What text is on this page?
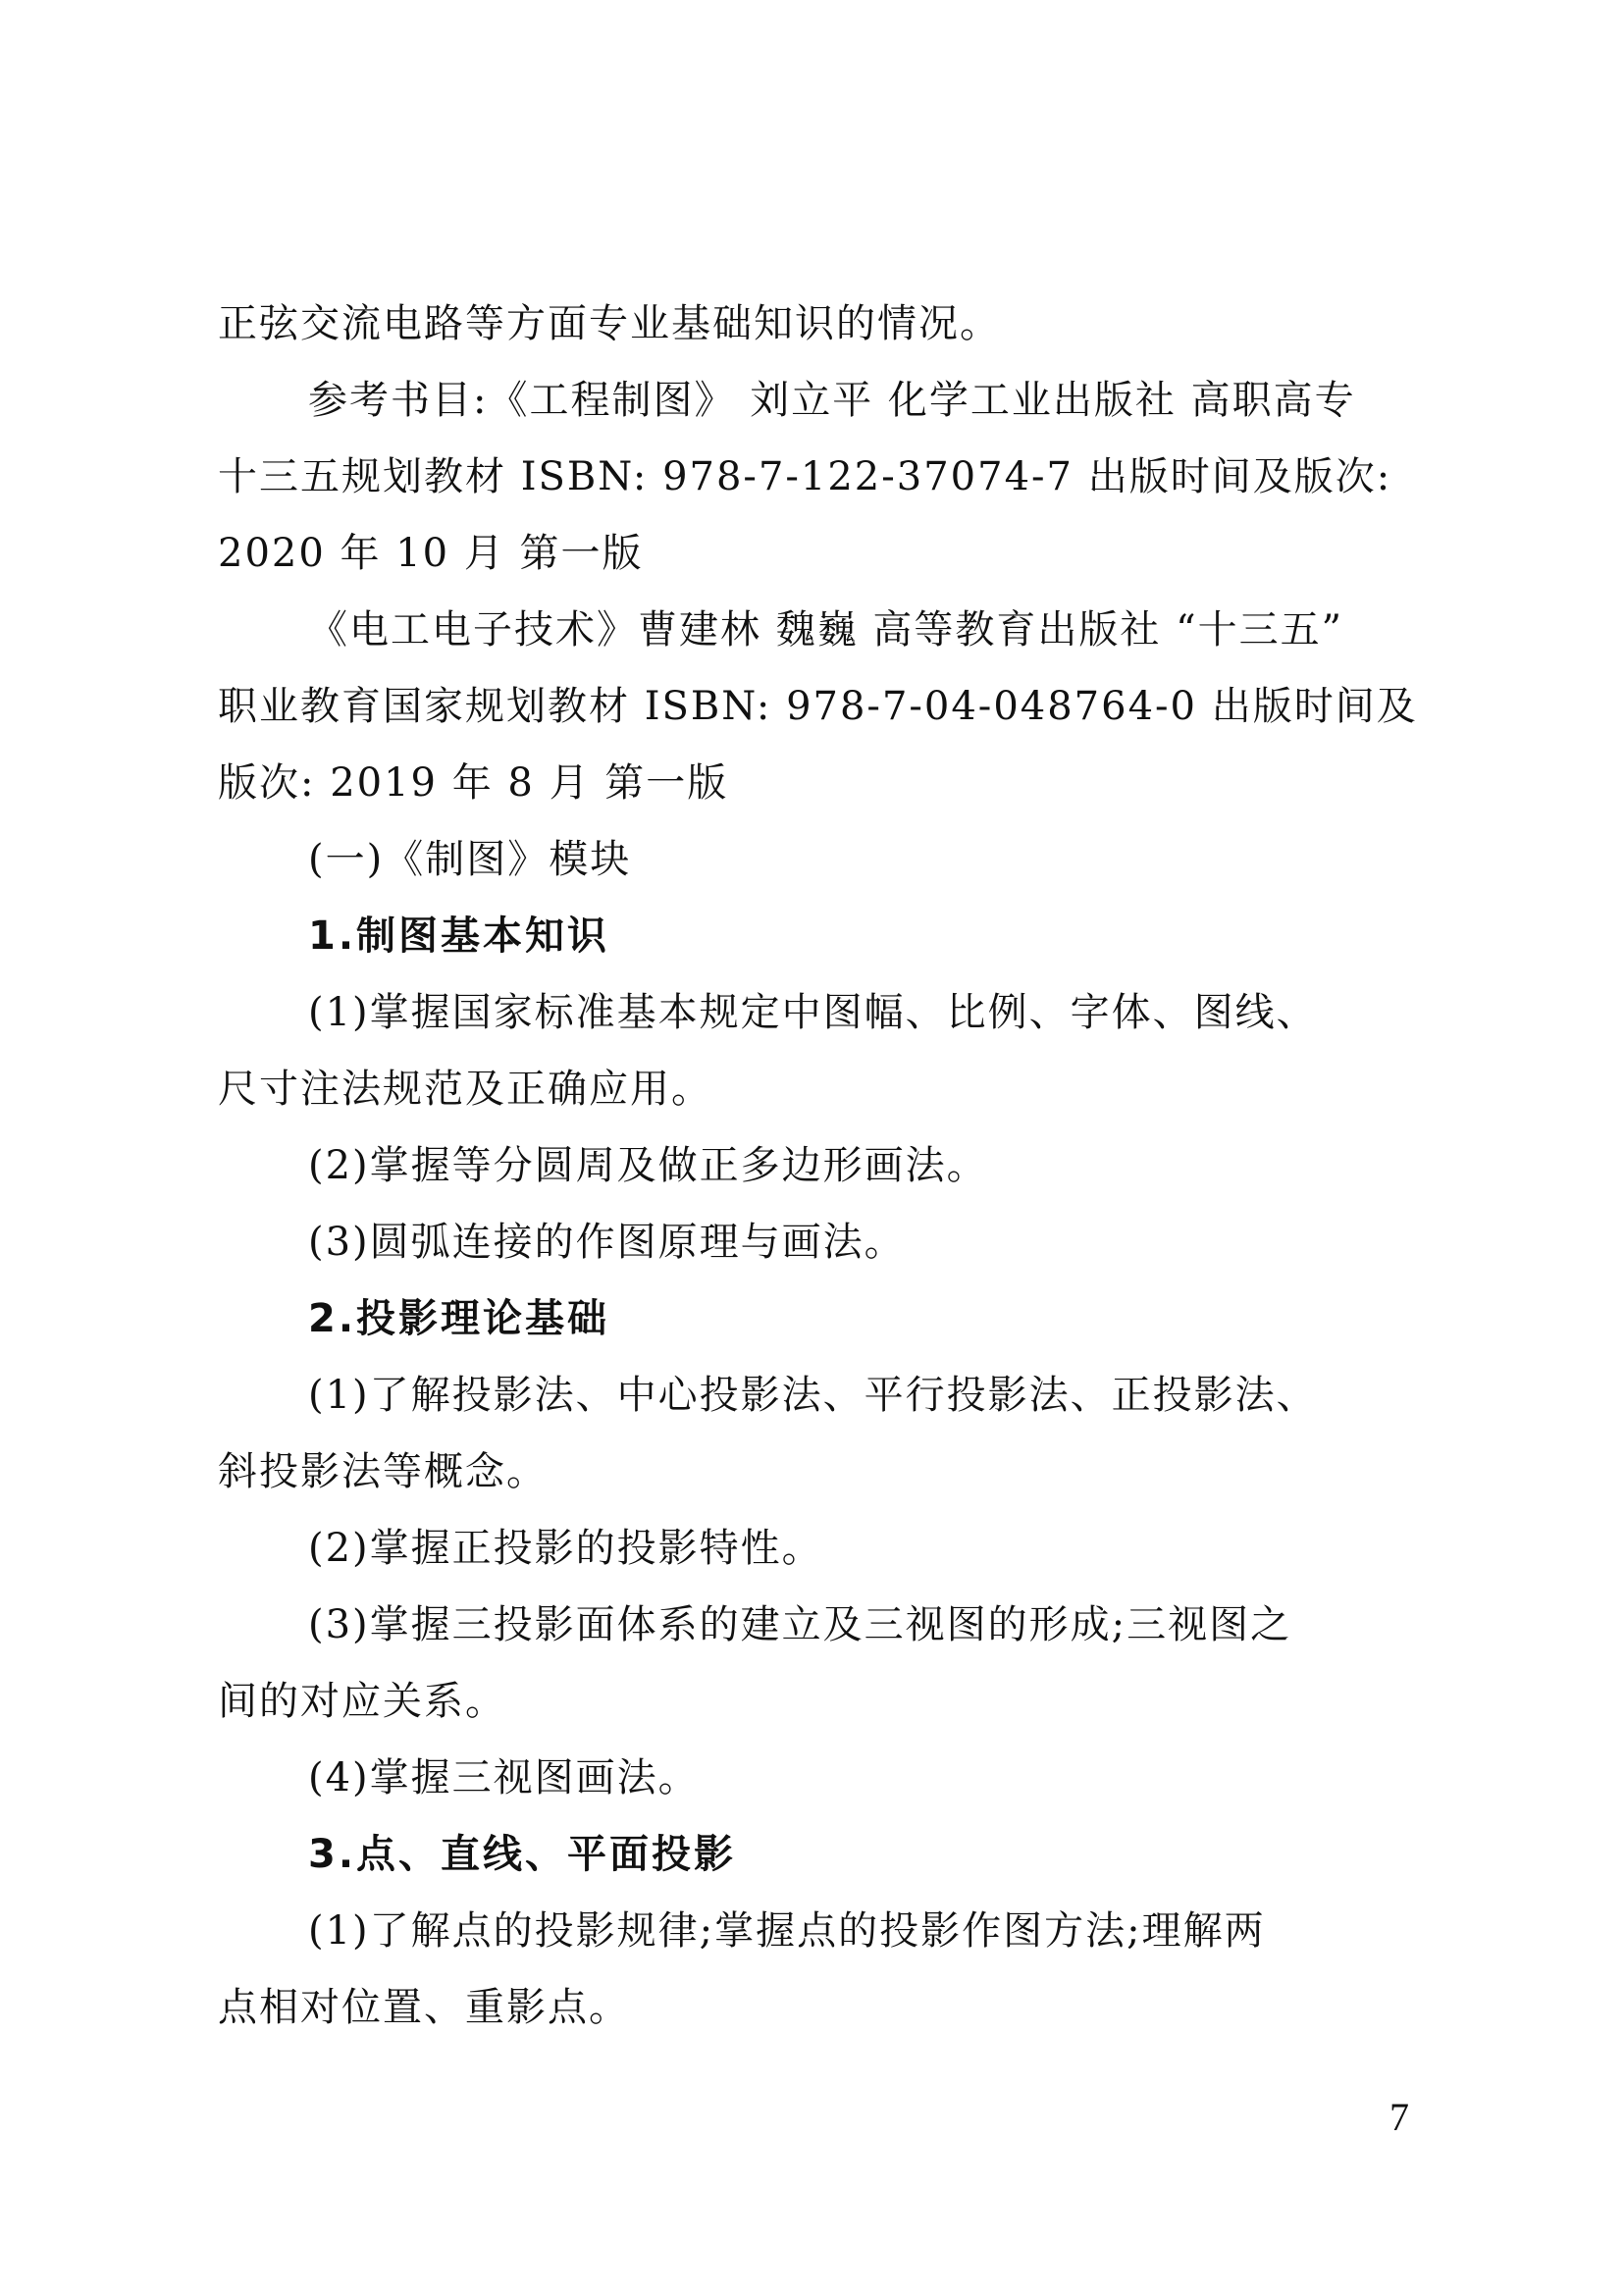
正弦交流电路等方面专业基础知识的情况。
参考书目:《工程制图》 刘立平 化学工业出版社 高职高专
十三五规划教材 ISBN: 978-7-122-37074-7 出版时间及版次:
2020 年 10 月 第一版
《电工电子技术》曹建林 魏巍 高等教育出版社 “十三五”
职业教育国家规划教材 ISBN: 978-7-04-048764-0 出版时间及
版次: 2019 年 8 月 第一版
(一)《制图》模块
1.制图基本知识
(1)掌握国家标准基本规定中图幅、比例、字体、图线、
尺寸注法规范及正确应用。
(2)掌握等分圆周及做正多边形画法。
(3)圆弧连接的作图原理与画法。
2.投影理论基础
(1)了解投影法、中心投影法、平行投影法、正投影法、
斜投影法等概念。
(2)掌握正投影的投影特性。
(3)掌握三投影面体系的建立及三视图的形成;三视图之
间的对应关系。
(4)掌握三视图画法。
3.点、直线、平面投影
(1)了解点的投影规律;掌握点的投影作图方法;理解两
点相对位置、重影点。
7
